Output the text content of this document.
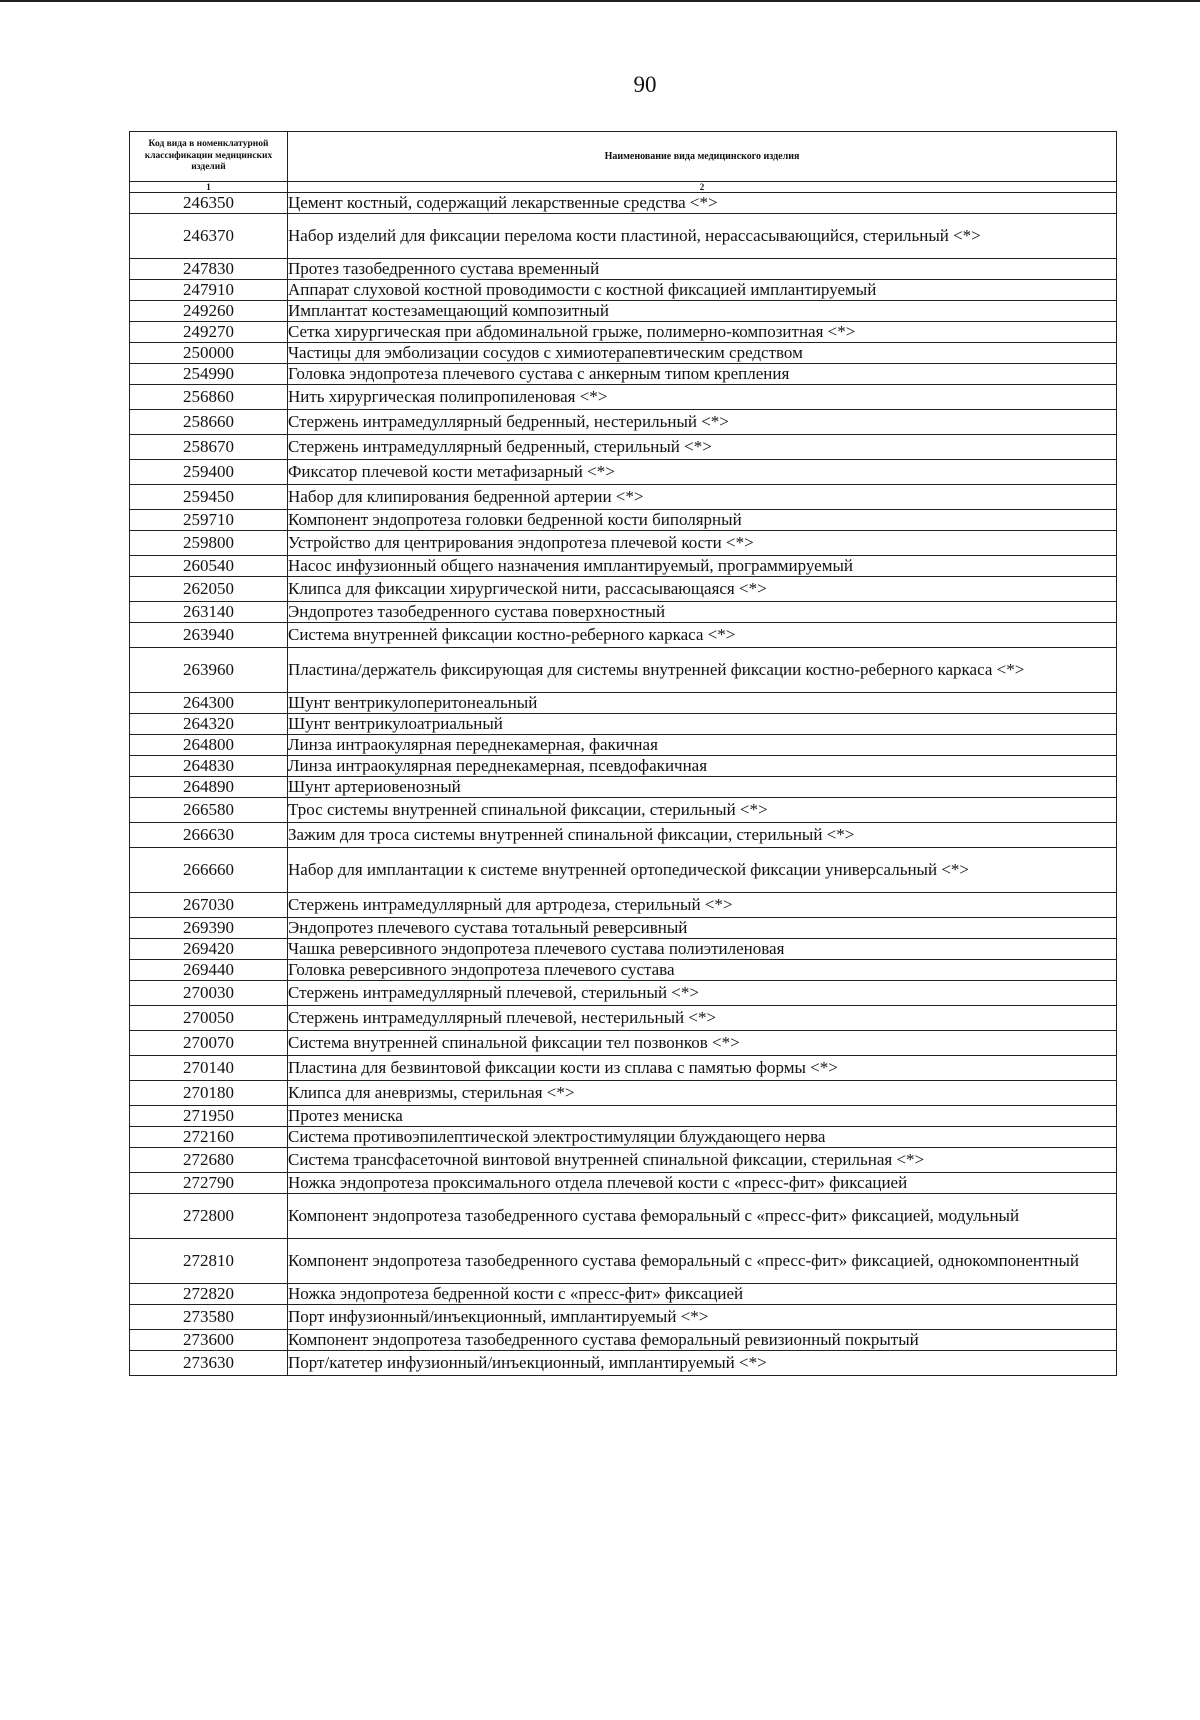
90
Код вида в номенклатурной классификации медицинских изделий	Наименование вида медицинского изделия
1	2
246350	Цемент костный, содержащий лекарственные средства <*>
246370	Набор изделий для фиксации перелома кости пластиной, нерассасывающийся, стерильный <*>
247830	Протез тазобедренного сустава временный
247910	Аппарат слуховой костной проводимости с костной фиксацией имплантируемый
249260	Имплантат костезамещающий композитный
249270	Сетка хирургическая при абдоминальной грыже, полимерно-композитная <*>
250000	Частицы для эмболизации сосудов с химиотерапевтическим средством
254990	Головка эндопротеза плечевого сустава с анкерным типом крепления
256860	Нить хирургическая полипропиленовая <*>
258660	Стержень интрамедуллярный бедренный, нестерильный <*>
258670	Стержень интрамедуллярный бедренный, стерильный <*>
259400	Фиксатор плечевой кости метафизарный <*>
259450	Набор для клипирования бедренной артерии <*>
259710	Компонент эндопротеза головки бедренной кости биполярный
259800	Устройство для центрирования эндопротеза плечевой кости <*>
260540	Насос инфузионный общего назначения имплантируемый, программируемый
262050	Клипса для фиксации хирургической нити, рассасывающаяся <*>
263140	Эндопротез тазобедренного сустава поверхностный
263940	Система внутренней фиксации костно-реберного каркаса <*>
263960	Пластина/держатель фиксирующая для системы внутренней фиксации костно-реберного каркаса <*>
264300	Шунт вентрикулоперитонеальный
264320	Шунт вентрикулоатриальный
264800	Линза интраокулярная переднекамерная, факичная
264830	Линза интраокулярная переднекамерная, псевдофакичная
264890	Шунт артериовенозный
266580	Трос системы внутренней спинальной фиксации, стерильный <*>
266630	Зажим для троса системы внутренней спинальной фиксации, стерильный <*>
266660	Набор для имплантации к системе внутренней ортопедической фиксации универсальный <*>
267030	Стержень интрамедуллярный для артродеза, стерильный <*>
269390	Эндопротез плечевого сустава тотальный реверсивный
269420	Чашка реверсивного эндопротеза плечевого сустава полиэтиленовая
269440	Головка реверсивного эндопротеза плечевого сустава
270030	Стержень интрамедуллярный плечевой, стерильный <*>
270050	Стержень интрамедуллярный плечевой, нестерильный <*>
270070	Система внутренней спинальной фиксации тел позвонков <*>
270140	Пластина для безвинтовой фиксации кости из сплава с памятью формы <*>
270180	Клипса для аневризмы, стерильная <*>
271950	Протез мениска
272160	Система противоэпилептической электростимуляции блуждающего нерва
272680	Система трансфасеточной винтовой внутренней спинальной фиксации, стерильная <*>
272790	Ножка эндопротеза проксимального отдела плечевой кости с «пресс-фит» фиксацией
272800	Компонент эндопротеза тазобедренного сустава феморальный с «пресс-фит» фиксацией, модульный
272810	Компонент эндопротеза тазобедренного сустава феморальный с «пресс-фит» фиксацией, однокомпонентный
272820	Ножка эндопротеза бедренной кости с «пресс-фит» фиксацией
273580	Порт инфузионный/инъекционный, имплантируемый <*>
273600	Компонент эндопротеза тазобедренного сустава феморальный ревизионный покрытый
273630	Порт/катетер инфузионный/инъекционный, имплантируемый <*>
